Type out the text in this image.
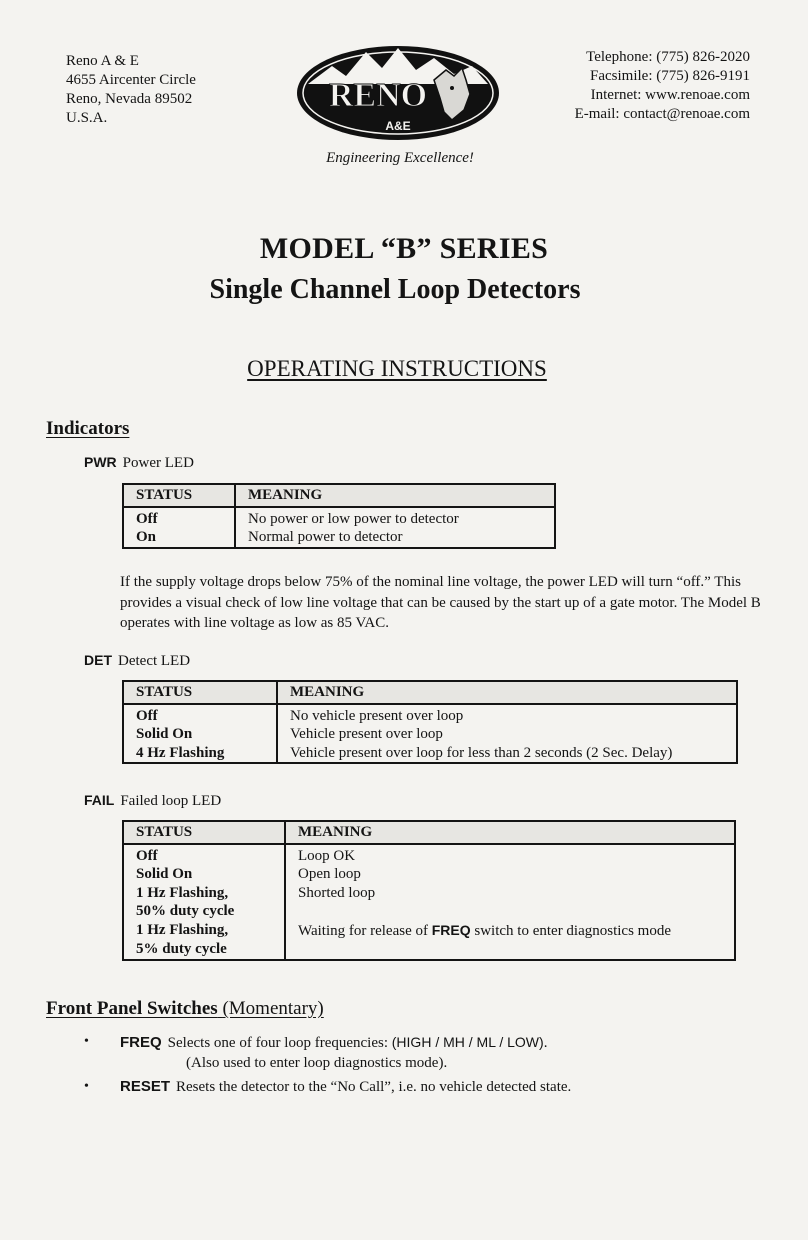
Reno A & E
4655 Aircenter Circle
Reno, Nevada 89502
U.S.A.
RENO
A&E
Engineering Excellence!
Telephone: (775) 826-2020
Facsimile: (775) 826-9191
Internet: www.renoae.com
E-mail: contact@renoae.com
MODEL “B” SERIES
Single Channel Loop Detectors
OPERATING INSTRUCTIONS
Indicators
PWR Power LED
STATUS	MEANING
Off	No power or low power to detector
On	Normal power to detector
If the supply voltage drops below 75% of the nominal line voltage, the power LED will turn “off.” This provides a visual check of low line voltage that can be caused by the start up of a gate motor. The Model B operates with line voltage as low as 85 VAC.
DET Detect LED
STATUS	MEANING
Off	No vehicle present over loop
Solid On	Vehicle present over loop
4 Hz Flashing	Vehicle present over loop for less than 2 seconds (2 Sec. Delay)
FAIL Failed loop LED
STATUS	MEANING
Off	Loop OK
Solid On	Open loop
1 Hz Flashing,	Shorted loop
50% duty cycle	
1 Hz Flashing,	Waiting for release of FREQ switch to enter diagnostics mode
5% duty cycle	
Front Panel Switches (Momentary)
• FREQ Selects one of four loop frequencies: (HIGH / MH / ML / LOW).
(Also used to enter loop diagnostics mode).
• RESET Resets the detector to the “No Call”, i.e. no vehicle detected state.
